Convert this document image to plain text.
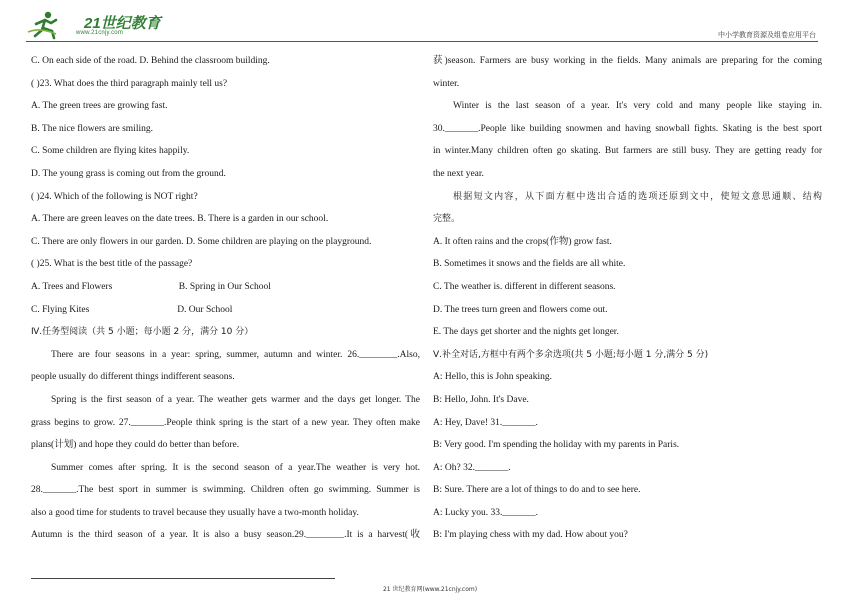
21世纪教育
www.21cnjy.com	中小学教育资源及组卷应用平台
C. On each side of the road. D. Behind the classroom building.
( )23. What does the third paragraph mainly tell us?
A. The green trees are growing fast.
B. The nice flowers are smiling.
C. Some children are flying kites happily.
D. The young grass is coming out from the ground.
( )24. Which of the following is NOT right?
A. There are green leaves on the date trees. B. There is a garden in our school.
C. There are only flowers in our garden. D. Some children are playing on the playground.
( )25. What is the best title of the passage?
A. Trees and Flowers                            B. Spring in Our School
C. Flying Kites                                     D. Our School
Ⅳ.任务型阅读（共 5 小题；每小题 2 分，满分 10 分）
There are four seasons in a year: spring, summer, autumn and winter. 26.________.Also,
people usually do different things indifferent seasons.
Spring is the first season of a year. The weather gets warmer and the days get longer. The
grass begins to grow. 27._______.People think spring is the start of a new year. They often make
plans(计划) and hope they could do better than before.
Summer comes after spring. It is the second season of a year.The weather is very hot.
28._______.The best sport in summer is swimming. Children often go swimming. Summer is
also a good time for students to travel because they usually have a two-month holiday.
Autumn is the third season of a year. It is also a busy season.29.________.It is a harvest(收
获)season. Farmers are busy working in the fields. Many animals are preparing for the coming
winter.
Winter is the last season of a year. It's very cold and many people like staying in.
30._______.People like building snowmen and having snowball fights. Skating is the best sport
in winter.Many children often go skating. But farmers are still busy. They are getting ready for
the next year.
根据短文内容，从下面方框中选出合适的选项还原到文中，使短文意思通顺、结构
完整。
A. It often rains and the crops(作物) grow fast.
B. Sometimes it snows and the fields are all white.
C. The weather is. different in different seasons.
D. The trees turn green and flowers come out.
E. The days get shorter and the nights get longer.
Ⅴ.补全对话,方框中有两个多余选项(共 5 小题;每小题 1 分,满分 5 分)
A: Hello, this is John speaking.
B: Hello, John. It's Dave.
A: Hey, Dave! 31._______.
B: Very good. I'm spending the holiday with my parents in Paris.
A: Oh? 32._______.
B: Sure. There are a lot of things to do and to see here.
A: Lucky you. 33._______.
B: I'm playing chess with my dad. How about you?
21 世纪教育网(www.21cnjy.com)
